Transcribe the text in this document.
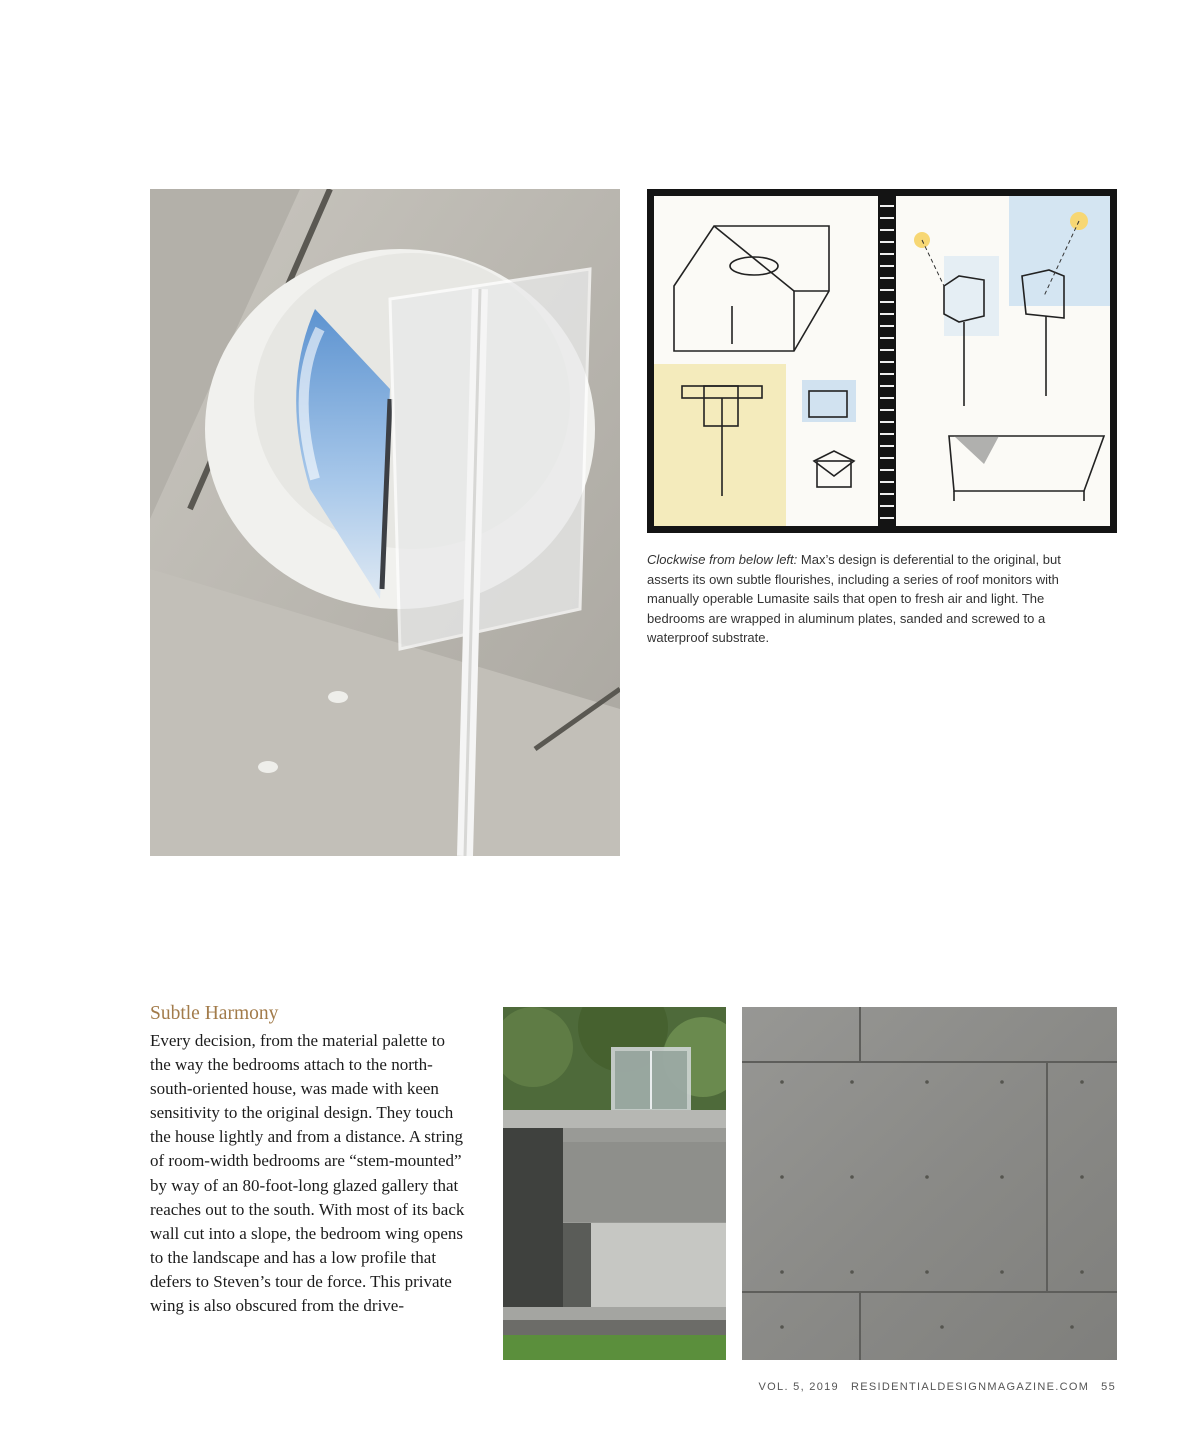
Clockwise from below left: Max’s design is deferential to the original, but asserts its own subtle flourishes, including a series of roof monitors with manually operable Lumasite sails that open to fresh air and light. The bedrooms are wrapped in aluminum plates, sanded and screwed to a waterproof substrate.
Subtle Harmony
Every decision, from the material palette to the way the bedrooms attach to the north-south-oriented house, was made with keen sensitivity to the original design. They touch the house lightly and from a distance. A string of room-width bedrooms are “stem-mounted” by way of an 80-foot-long glazed gallery that reaches out to the south. With most of its back wall cut into a slope, the bedroom wing opens to the landscape and has a low profile that defers to Steven’s tour de force. This private wing is also obscured from the drive-
VOL. 5, 2019 RESIDENTIALDESIGNMAGAZINE.COM 55
